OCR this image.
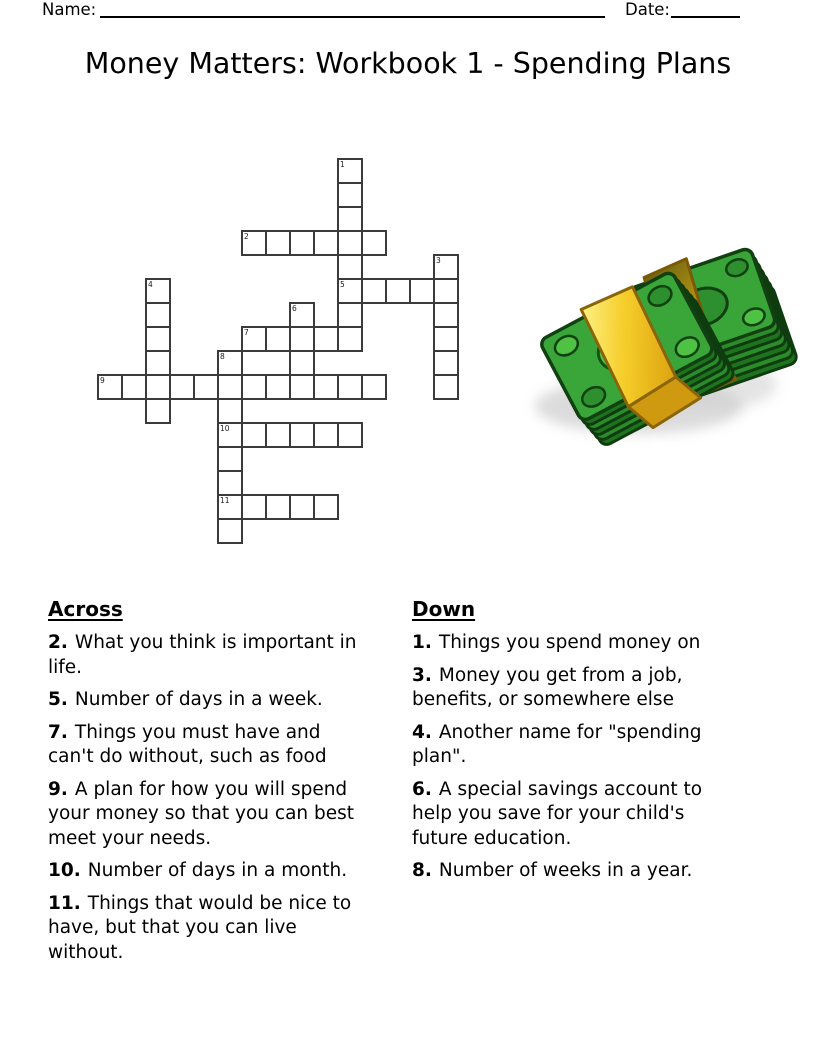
Name:	Date:
Money Matters: Workbook 1 - Spending Plans
1
2
3
4	5
6
7
8
9
10
11
Across

2. What you think is important in life.

5. Number of days in a week.

7. Things you must have and can't do without, such as food

9. A plan for how you will spend your money so that you can best meet your needs.

10. Number of days in a month.

11. Things that would be nice to have, but that you can live without.

Down

1. Things you spend money on

3. Money you get from a job, benefits, or somewhere else

4. Another name for "spending plan".

6. A special savings account to help you save for your child's future education.

8. Number of weeks in a year.
